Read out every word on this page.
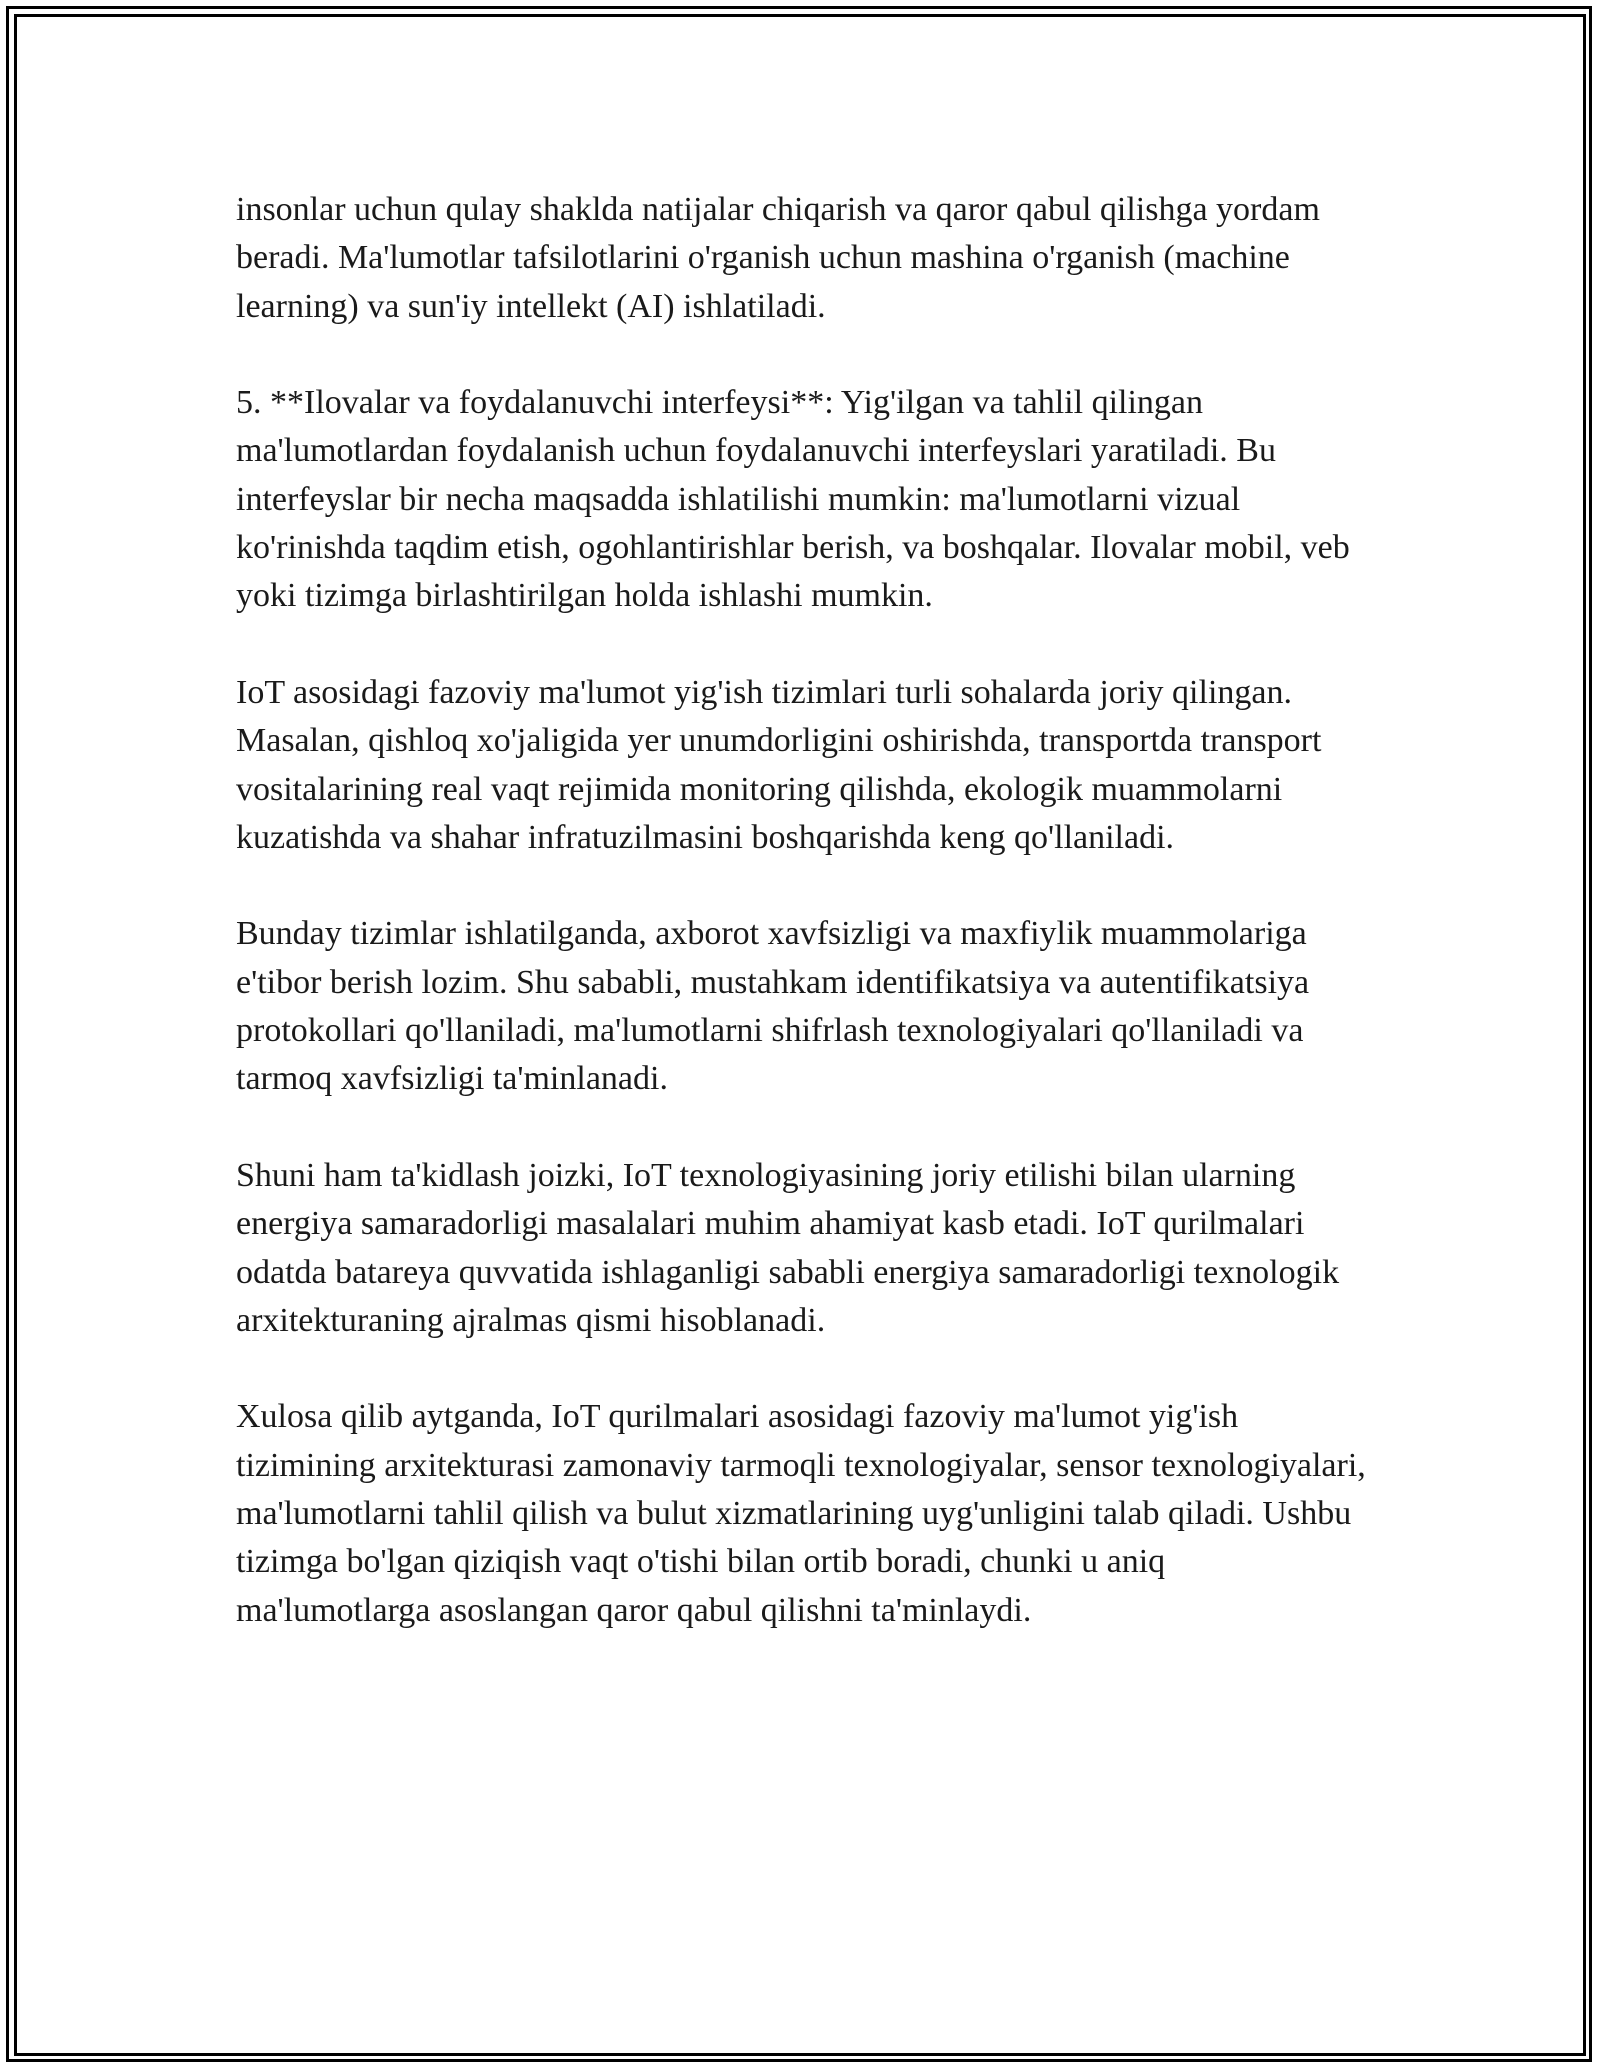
insonlar uchun qulay shaklda natijalar chiqarish va qaror qabul qilishga yordam beradi. Ma'lumotlar tafsilotlarini o'rganish uchun mashina o'rganish (machine learning) va sun'iy intellekt (AI) ishlatiladi.

5. **Ilovalar va foydalanuvchi interfeysi**: Yig'ilgan va tahlil qilingan ma'lumotlardan foydalanish uchun foydalanuvchi interfeyslari yaratiladi. Bu interfeyslar bir necha maqsadda ishlatilishi mumkin: ma'lumotlarni vizual ko'rinishda taqdim etish, ogohlantirishlar berish, va boshqalar. Ilovalar mobil, veb yoki tizimga birlashtirilgan holda ishlashi mumkin.

IoT asosidagi fazoviy ma'lumot yig'ish tizimlari turli sohalarda joriy qilingan. Masalan, qishloq xo'jaligida yer unumdorligini oshirishda, transportda transport vositalarining real vaqt rejimida monitoring qilishda, ekologik muammolarni kuzatishda va shahar infratuzilmasini boshqarishda keng qo'llaniladi.

Bunday tizimlar ishlatilganda, axborot xavfsizligi va maxfiylik muammolariga e'tibor berish lozim. Shu sababli, mustahkam identifikatsiya va autentifikatsiya protokollari qo'llaniladi, ma'lumotlarni shifrlash texnologiyalari qo'llaniladi va tarmoq xavfsizligi ta'minlanadi.

Shuni ham ta'kidlash joizki, IoT texnologiyasining joriy etilishi bilan ularning energiya samaradorligi masalalari muhim ahamiyat kasb etadi. IoT qurilmalari odatda batareya quvvatida ishlaganligi sababli energiya samaradorligi texnologik arxitekturaning ajralmas qismi hisoblanadi.

Xulosa qilib aytganda, IoT qurilmalari asosidagi fazoviy ma'lumot yig'ish tizimining arxitekturasi zamonaviy tarmoqli texnologiyalar, sensor texnologiyalari, ma'lumotlarni tahlil qilish va bulut xizmatlarining uyg'unligini talab qiladi. Ushbu tizimga bo'lgan qiziqish vaqt o'tishi bilan ortib boradi, chunki u aniq ma'lumotlarga asoslangan qaror qabul qilishni ta'minlaydi.
